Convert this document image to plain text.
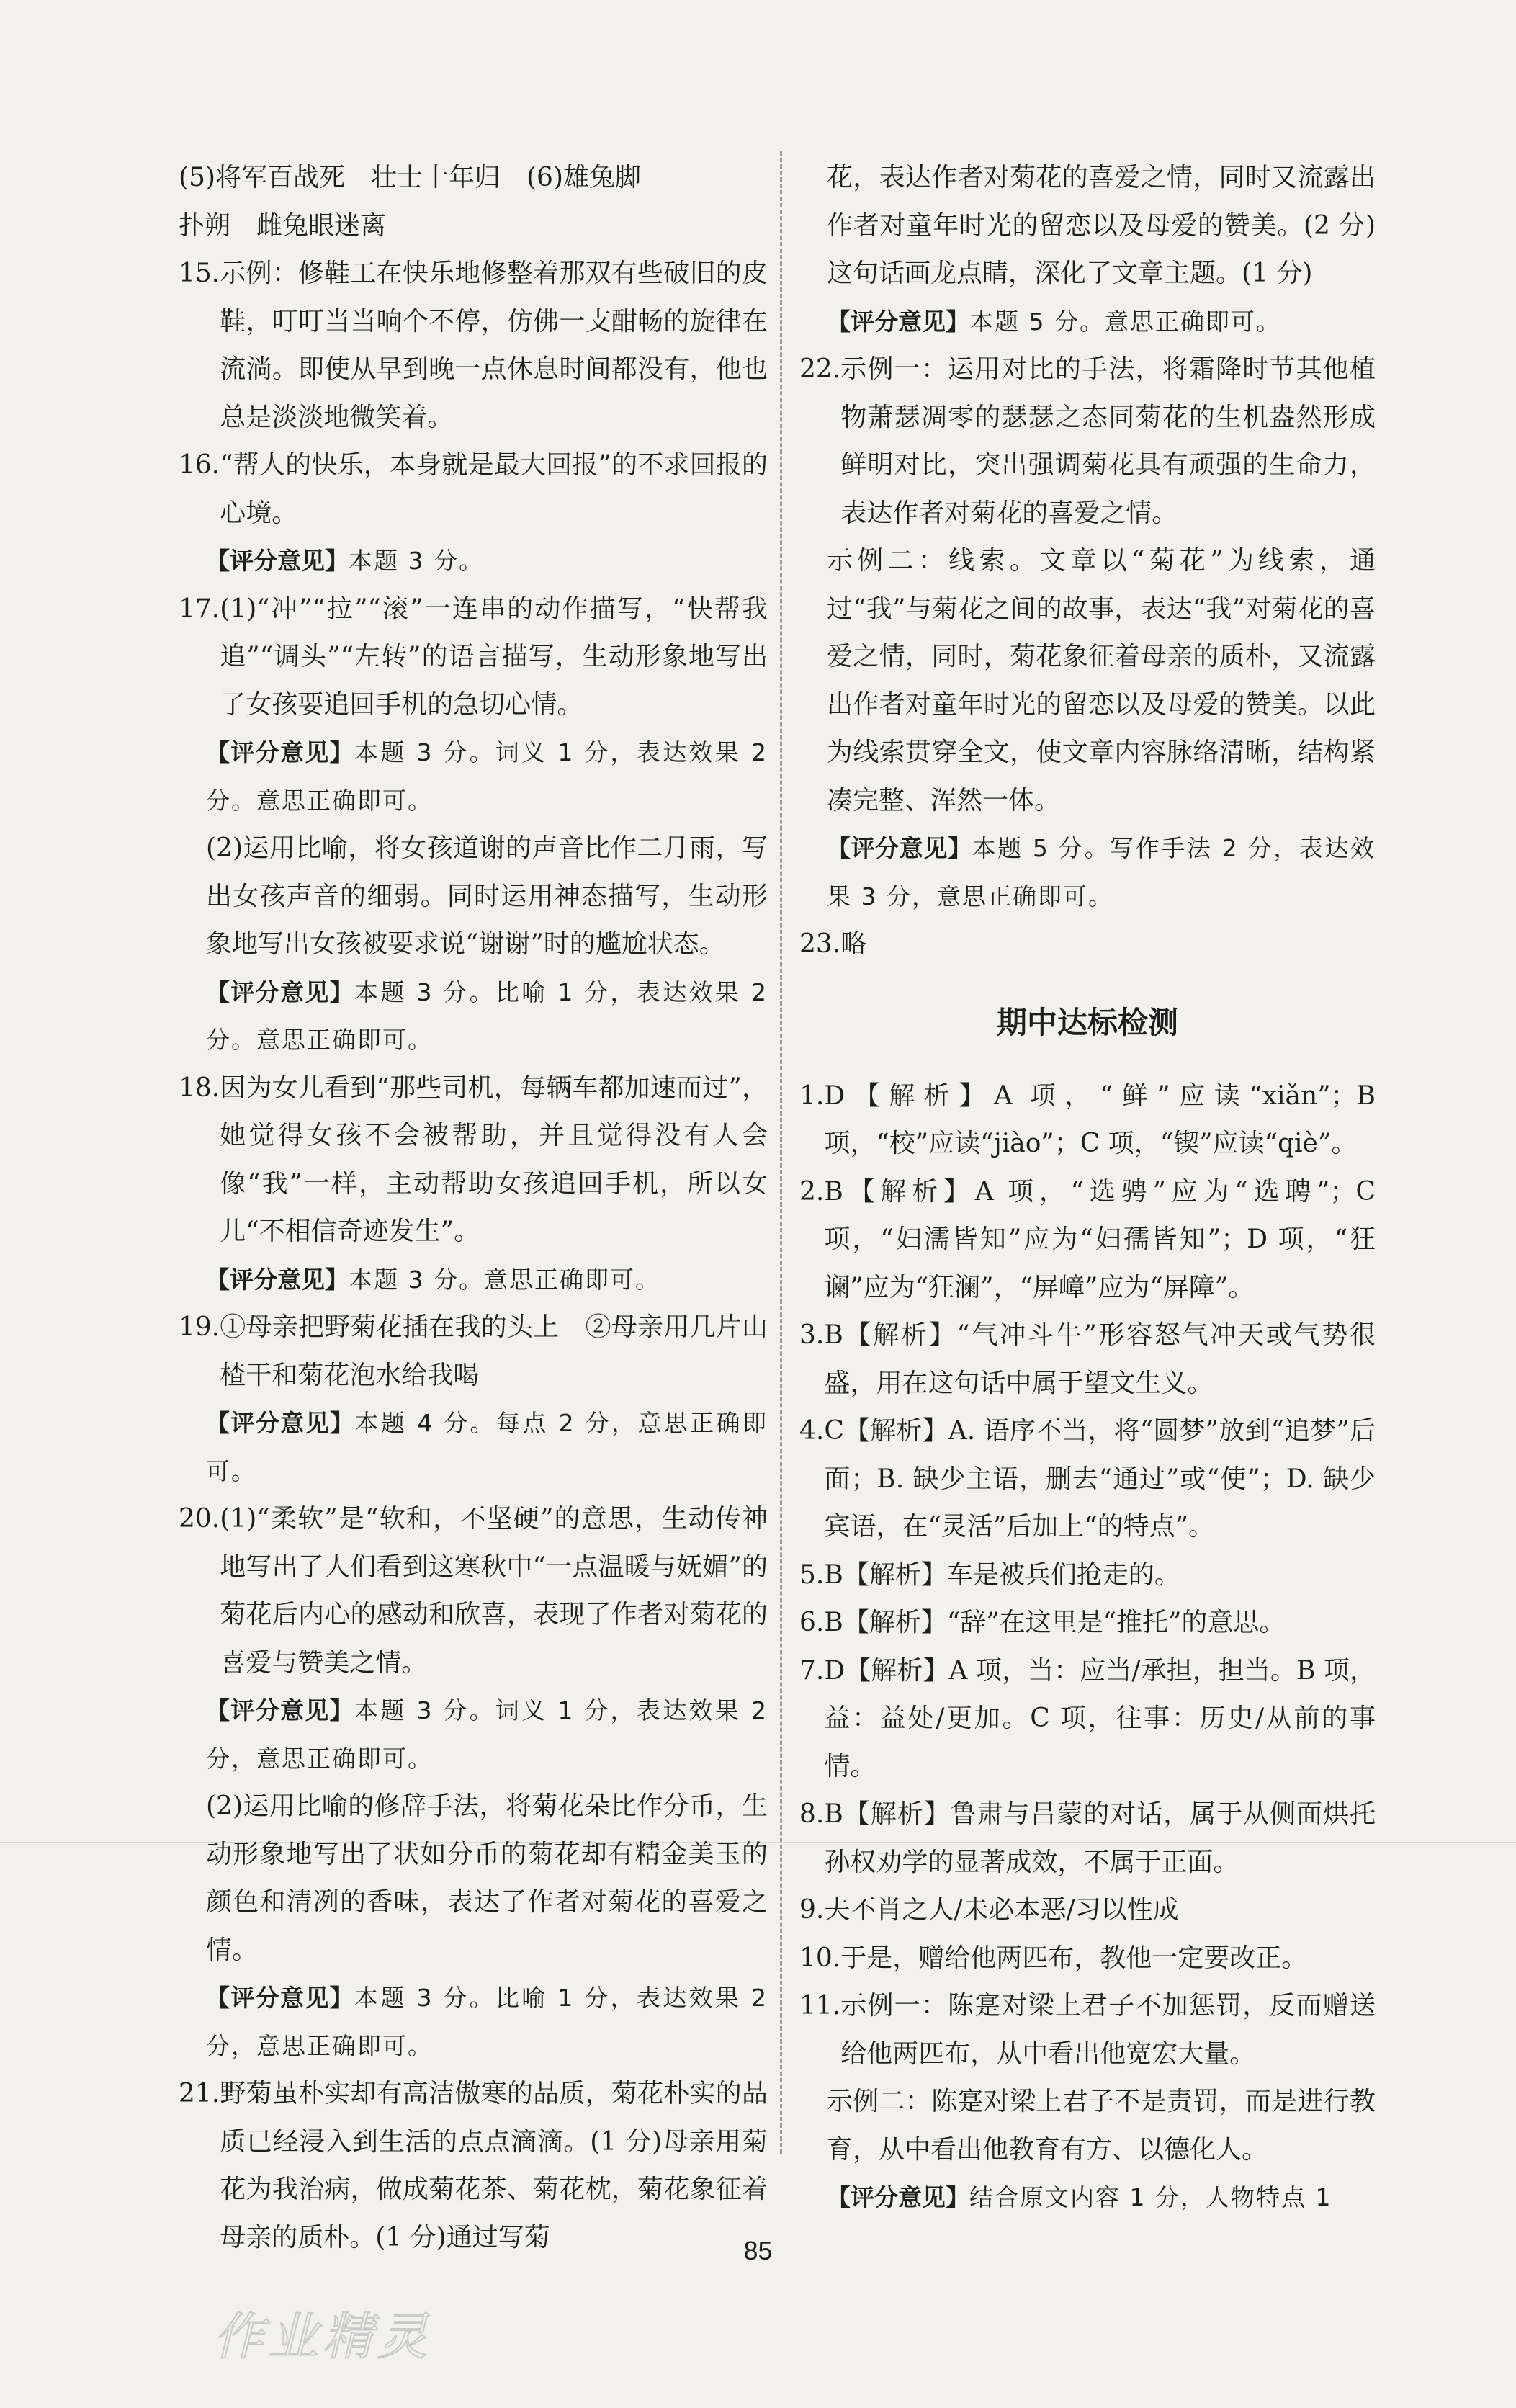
(5)将军百战死　壮士十年归　(6)雄兔脚
扑朔　雌兔眼迷离
15. 示例：修鞋工在快乐地修整着那双有些破旧的皮鞋，叮叮当当响个不停，仿佛一支酣畅的旋律在流淌。即使从早到晚一点休息时间都没有，他也总是淡淡地微笑着。
16. “帮人的快乐，本身就是最大回报”的不求回报的心境。
【评分意见】本题 3 分。
17. (1)“冲”“拉”“滚”一连串的动作描写，“快帮我追”“调头”“左转”的语言描写，生动形象地写出了女孩要追回手机的急切心情。
【评分意见】本题 3 分。词义 1 分，表达效果 2 分。意思正确即可。
(2)运用比喻，将女孩道谢的声音比作二月雨，写出女孩声音的细弱。同时运用神态描写，生动形象地写出女孩被要求说“谢谢”时的尴尬状态。
【评分意见】本题 3 分。比喻 1 分，表达效果 2 分。意思正确即可。
18. 因为女儿看到“那些司机，每辆车都加速而过”，她觉得女孩不会被帮助，并且觉得没有人会像“我”一样，主动帮助女孩追回手机，所以女儿“不相信奇迹发生”。
【评分意见】本题 3 分。意思正确即可。
19. ①母亲把野菊花插在我的头上　②母亲用几片山楂干和菊花泡水给我喝
【评分意见】本题 4 分。每点 2 分，意思正确即可。
20. (1)“柔软”是“软和，不坚硬”的意思，生动传神地写出了人们看到这寒秋中“一点温暖与妩媚”的菊花后内心的感动和欣喜，表现了作者对菊花的喜爱与赞美之情。
【评分意见】本题 3 分。词义 1 分，表达效果 2 分，意思正确即可。
(2)运用比喻的修辞手法，将菊花朵比作分币，生动形象地写出了状如分币的菊花却有精金美玉的颜色和清冽的香味，表达了作者对菊花的喜爱之情。
【评分意见】本题 3 分。比喻 1 分，表达效果 2 分，意思正确即可。
21. 野菊虽朴实却有高洁傲寒的品质，菊花朴实的品质已经浸入到生活的点点滴滴。(1 分)母亲用菊花为我治病，做成菊花茶、菊花枕，菊花象征着母亲的质朴。(1 分)通过写菊
花，表达作者对菊花的喜爱之情，同时又流露出作者对童年时光的留恋以及母爱的赞美。(2 分)这句话画龙点睛，深化了文章主题。(1 分)
【评分意见】本题 5 分。意思正确即可。
22. 示例一：运用对比的手法，将霜降时节其他植物萧瑟凋零的瑟瑟之态同菊花的生机盎然形成鲜明对比，突出强调菊花具有顽强的生命力，表达作者对菊花的喜爱之情。
示例二：线索。文章以“菊花”为线索，通过“我”与菊花之间的故事，表达“我”对菊花的喜爱之情，同时，菊花象征着母亲的质朴，又流露出作者对童年时光的留恋以及母爱的赞美。以此为线索贯穿全文，使文章内容脉络清晰，结构紧凑完整、浑然一体。
【评分意见】本题 5 分。写作手法 2 分，表达效果 3 分，意思正确即可。
23. 略
期中达标检测
1. D【解析】A 项，“鲜”应读“xiǎn”；B 项，“校”应读“jiào”；C 项，“锲”应读“qiè”。
2. B【解析】A 项，“选骋”应为“选聘”；C 项，“妇濡皆知”应为“妇孺皆知”；D 项，“狂谰”应为“狂澜”，“屏嶂”应为“屏障”。
3. B【解析】“气冲斗牛”形容怒气冲天或气势很盛，用在这句话中属于望文生义。
4. C【解析】A. 语序不当，将“圆梦”放到“追梦”后面；B. 缺少主语，删去“通过”或“使”；D. 缺少宾语，在“灵活”后加上“的特点”。
5. B【解析】车是被兵们抢走的。
6. B【解析】“辞”在这里是“推托”的意思。
7. D【解析】A 项，当：应当/承担，担当。B 项，益：益处/更加。C 项，往事：历史/从前的事情。
8. B【解析】鲁肃与吕蒙的对话，属于从侧面烘托孙权劝学的显著成效，不属于正面。
9. 夫不肖之人/未必本恶/习以性成
10. 于是，赠给他两匹布，教他一定要改正。
11. 示例一：陈寔对梁上君子不加惩罚，反而赠送给他两匹布，从中看出他宽宏大量。
示例二：陈寔对梁上君子不是责罚，而是进行教育，从中看出他教育有方、以德化人。
【评分意见】结合原文内容 1 分，人物特点 1
85
作业精灵
